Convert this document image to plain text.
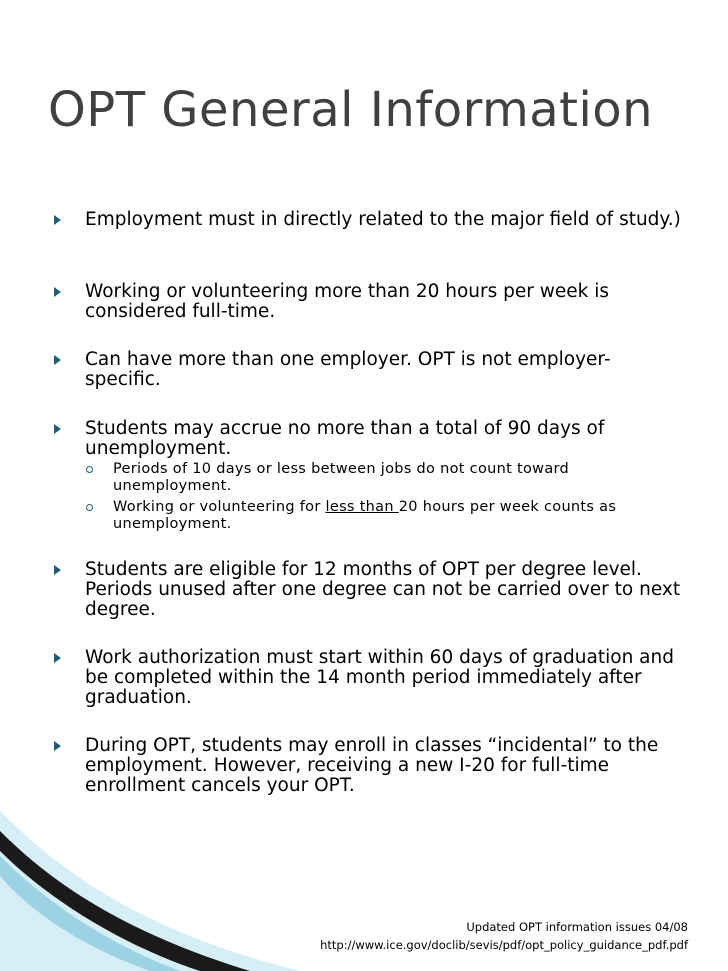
OPT General Information
Employment must in directly related to the major field of study.)
Working or volunteering more than 20 hours per week is considered full-time.
Can have more than one employer. OPT is not employer-specific.
Students may accrue no more than a total of 90 days of unemployment.
Periods of 10 days or less between jobs do not count toward unemployment.
Working or volunteering for less than 20 hours per week counts as unemployment.
Students are eligible for 12 months of OPT per degree level. Periods unused after one degree can not be carried over to next degree.
Work authorization must start within 60 days of graduation and be completed within the 14 month period immediately after graduation.
During OPT, students may enroll in classes “incidental” to the employment. However, receiving a new I-20 for full-time enrollment cancels your OPT.
Updated OPT information issues 04/08
http://www.ice.gov/doclib/sevis/pdf/opt_policy_guidance_pdf.pdf
